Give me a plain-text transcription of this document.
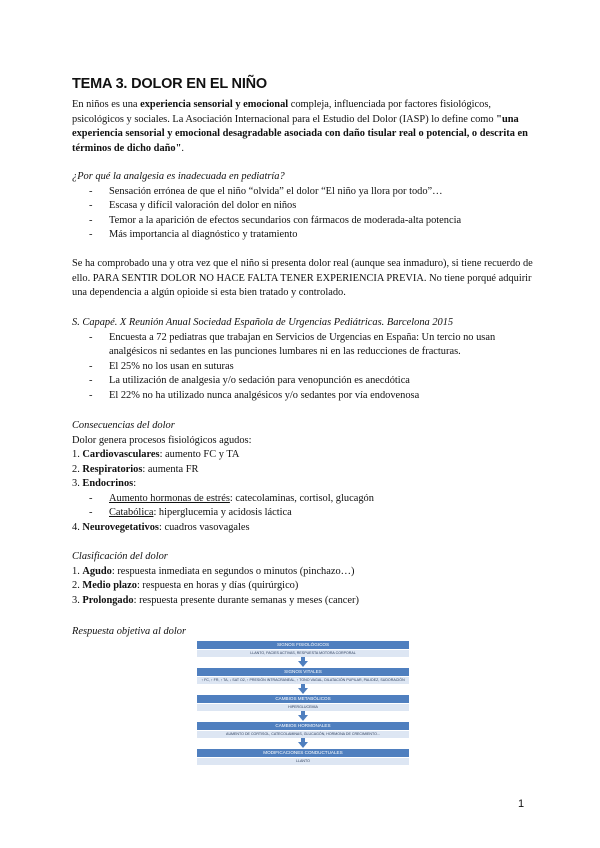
TEMA 3. DOLOR EN EL NIÑO

En niños es una experiencia sensorial y emocional compleja, influenciada por factores fisiológicos, psicológicos y sociales. La Asociación Internacional para el Estudio del Dolor (IASP) lo define como "una experiencia sensorial y emocional desagradable asociada con daño tisular real o potencial, o descrita en términos de dicho daño".

¿Por qué la analgesia es inadecuada en pediatría?

- Sensación errónea de que el niño “olvida” el dolor “El niño ya llora por todo”…
- Escasa y difícil valoración del dolor en niños
- Temor a la aparición de efectos secundarios con fármacos de moderada-alta potencia
- Más importancia al diagnóstico y tratamiento

Se ha comprobado una y otra vez que el niño si presenta dolor real (aunque sea inmaduro), si tiene recuerdo de ello. PARA SENTIR DOLOR NO HACE FALTA TENER EXPERIENCIA PREVIA. No tiene porqué adquirir una dependencia a algún opioide si esta bien tratado y controlado.

S. Capapé. X Reunión Anual Sociedad Española de Urgencias Pediátricas. Barcelona 2015

- Encuesta a 72 pediatras que trabajan en Servicios de Urgencias en España: Un tercio no usan analgésicos ni sedantes en las punciones lumbares ni en las reducciones de fracturas.
- El 25% no los usan en suturas
- La utilización de analgesia y/o sedación para venopunción es anecdótica
- El 22% no ha utilizado nunca analgésicos y/o sedantes por vía endovenosa

Consecuencias del dolor

Dolor genera procesos fisiológicos agudos:
1. Cardiovasculares: aumento FC y TA
2. Respiratorios: aumenta FR
3. Endocrinos:
- Aumento hormonas de estrés: catecolaminas, cortisol, glucagón
- Catabólica: hiperglucemia y acidosis láctica
4. Neurovegetativos: cuadros vasovagales

Clasificación del dolor

1. Agudo: respuesta inmediata en segundos o minutos (pinchazo…)
2. Medio plazo: respuesta en horas y días (quirúrgico)
3. Prolongado: respuesta presente durante semanas y meses (cancer)

Respuesta objetiva al dolor

SIGNOS FISIOLÓGICOS
LLANTO, FACIES ACTIVAS, RESPUESTA MOTORA CORPORAL
SIGNOS VITALES
↑ FC, ↑ FR, ↑ TA, ↓ SAT O2, ↑ PRESIÓN INTRACRANEAL, ↑ TONO VAGAL, DILATACIÓN PUPILAR, PALIDEZ, SUDORACIÓN
CAMBIOS METABÓLICOS
HIPERGLUCEMIA
CAMBIOS HORMONALES
AUMENTO DE CORTISOL, CATECOLAMINAS, GLUCAGÓN, HORMONA DE CRECIMIENTO...
MODIFICACIONES CONDUCTUALES
LLANTO
1
